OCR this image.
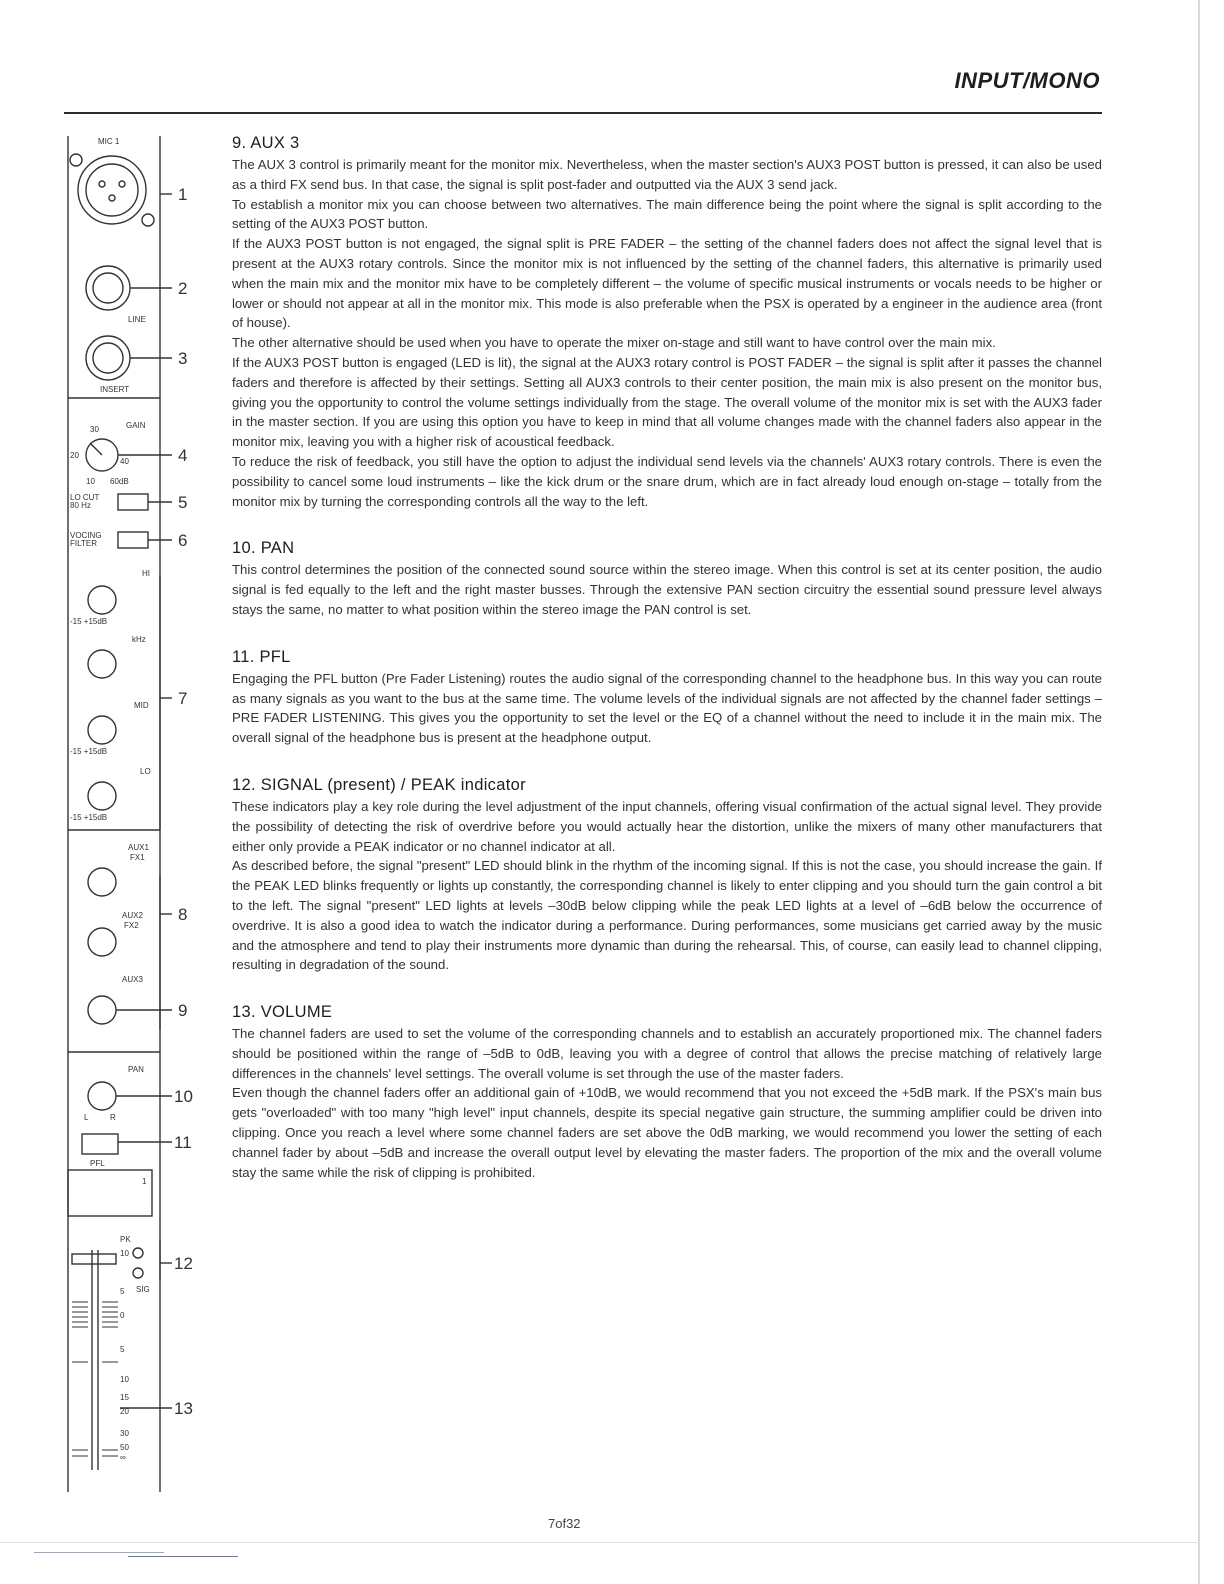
INPUT/MONO
MIC 1
LINE
INSERT
GAIN
30
20
40
10 60dB
LO CUT
80 Hz
VOCING
FILTER
HI
-15 +15dB
kHz
MID
-15 +15dB
LO
-15 +15dB
AUX1
FX1
AUX2
FX2
AUX3
PAN
L	R
PFL
1
PK
SIG
10
5
0
5
10
15
20
30
50
∞
1
2
3
4
5
6
7
8
9
10
11
12
13
9. AUX 3

The AUX 3 control is primarily meant for the monitor mix. Nevertheless, when the master section's AUX3 POST button is pressed, it can also be used as a third FX send bus. In that case, the signal is split post-fader and outputted via the AUX 3 send jack.

To establish a monitor mix you can choose between two alternatives. The main difference being the point where the signal is split according to the setting of the AUX3 POST button.

If the AUX3 POST button is not engaged, the signal split is PRE FADER – the setting of the channel faders does not affect the signal level that is present at the AUX3 rotary controls. Since the monitor mix is not influenced by the setting of the channel faders, this alternative is primarily used when the main mix and the monitor mix have to be completely different – the volume of specific musical instruments or vocals needs to be higher or lower or should not appear at all in the monitor mix. This mode is also preferable when the PSX is operated by a engineer in the audience area (front of house).

The other alternative should be used when you have to operate the mixer on-stage and still want to have control over the main mix.

If the AUX3 POST button is engaged (LED is lit), the signal at the AUX3 rotary control is POST FADER – the signal is split after it passes the channel faders and therefore is affected by their settings. Setting all AUX3 controls to their center position, the main mix is also present on the monitor bus, giving you the opportunity to control the volume settings individually from the stage. The overall volume of the monitor mix is set with the AUX3 fader in the master section. If you are using this option you have to keep in mind that all volume changes made with the channel faders also appear in the monitor mix, leaving you with a higher risk of acoustical feedback.

To reduce the risk of feedback, you still have the option to adjust the individual send levels via the channels' AUX3 rotary controls. There is even the possibility to cancel some loud instruments – like the kick drum or the snare drum, which are in fact already loud enough on-stage – totally from the monitor mix by turning the corresponding controls all the way to the left.

10. PAN

This control determines the position of the connected sound source within the stereo image. When this control is set at its center position, the audio signal is fed equally to the left and the right master busses. Through the extensive PAN section circuitry the essential sound pressure level always stays the same, no matter to what position within the stereo image the PAN control is set.

11. PFL

Engaging the PFL button (Pre Fader Listening) routes the audio signal of the corresponding channel to the headphone bus. In this way you can route as many signals as you want to the bus at the same time. The volume levels of the individual signals are not affected by the channel fader settings – PRE FADER LISTENING. This gives you the opportunity to set the level or the EQ of a channel without the need to include it in the main mix. The overall signal of the headphone bus is present at the headphone output.

12. SIGNAL (present) / PEAK indicator

These indicators play a key role during the level adjustment of the input channels, offering visual confirmation of the actual signal level. They provide the possibility of detecting the risk of overdrive before you would actually hear the distortion, unlike the mixers of many other manufacturers that either only provide a PEAK indicator or no channel indicator at all.

As described before, the signal "present" LED should blink in the rhythm of the incoming signal. If this is not the case, you should increase the gain. If the PEAK LED blinks frequently or lights up constantly, the corresponding channel is likely to enter clipping and you should turn the gain control a bit to the left. The signal "present" LED lights at levels –30dB below clipping while the peak LED lights at a level of –6dB below the occurrence of overdrive. It is also a good idea to watch the indicator during a performance. During performances, some musicians get carried away by the music and the atmosphere and tend to play their instruments more dynamic than during the rehearsal. This, of course, can easily lead to channel clipping, resulting in degradation of the sound.

13. VOLUME

The channel faders are used to set the volume of the corresponding channels and to establish an accurately proportioned mix. The channel faders should be positioned within the range of –5dB to 0dB, leaving you with a degree of control that allows the precise matching of relatively large differences in the channels' level settings. The overall volume is set through the use of the master faders.

Even though the channel faders offer an additional gain of +10dB, we would recommend that you not exceed the +5dB mark. If the PSX's main bus gets "overloaded" with too many "high level" input channels, despite its special negative gain structure, the summing amplifier could be driven into clipping. Once you reach a level where some channel faders are set above the 0dB marking, we would recommend you lower the setting of each channel fader by about –5dB and increase the overall output level by elevating the master faders. The proportion of the mix and the overall volume stay the same while the risk of clipping is prohibited.

7of32
